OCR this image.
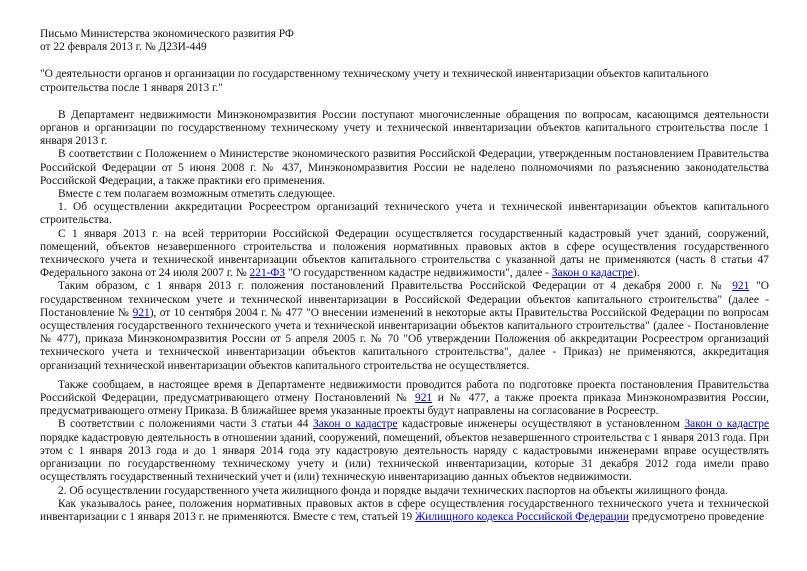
Письмо Министерства экономического развития РФ
от 22 февраля 2013 г. № Д23И-449
"О деятельности органов и организации по государственному техническому учету и технической инвентаризации объектов капитального строительства после 1 января 2013 г."

В Департамент недвижимости Минэкономразвития России поступают многочисленные обращения по вопросам, касающимся деятельности органов и организации по государственному техническому учету и технической инвентаризации объектов капитального строительства после 1 января 2013 г.

В соответствии с Положением о Министерстве экономического развития Российской Федерации, утвержденным постановлением Правительства Российской Федерации от 5 июня 2008 г. № 437, Минэкономразвития России не наделено полномочиями по разъяснению законодательства Российской Федерации, а также практики его применения.

Вместе с тем полагаем возможным отметить следующее.

1. Об осуществлении аккредитации Росреестром организаций технического учета и технической инвентаризации объектов капитального строительства.

С 1 января 2013 г. на всей территории Российской Федерации осуществляется государственный кадастровый учет зданий, сооружений, помещений, объектов незавершенного строительства и положения нормативных правовых актов в сфере осуществления государственного технического учета и технической инвентаризации объектов капитального строительства с указанной даты не применяются (часть 8 статьи 47 Федерального закона от 24 июля 2007 г. № 221-ФЗ "О государственном кадастре недвижимости", далее - Закон о кадастре).

Таким образом, с 1 января 2013 г. положения постановлений Правительства Российской Федерации от 4 декабря 2000 г. № 921 "О государственном техническом учете и технической инвентаризации в Российской Федерации объектов капитального строительства" (далее - Постановление № 921), от 10 сентября 2004 г. № 477 "О внесении изменений в некоторые акты Правительства Российской Федерации по вопросам осуществления государственного технического учета и технической инвентаризации объектов капитального строительства" (далее - Постановление № 477), приказа Минэкономразвития России от 5 апреля 2005 г. № 70 "Об утверждении Положения об аккредитации Росреестром организаций технического учета и технической инвентаризации объектов капитального строительства", далее - Приказ) не применяются, аккредитация организаций технической инвентаризации объектов капитального строительства не осуществляется.

Также сообщаем, в настоящее время в Департаменте недвижимости проводится работа по подготовке проекта постановления Правительства Российской Федерации, предусматривающего отмену Постановлений № 921 и № 477, а также проекта приказа Минэкономразвития России, предусматривающего отмену Приказа. В ближайшее время указанные проекты будут направлены на согласование в Росреестр.

В соответствии с положениями части 3 статьи 44 Закон о кадастре кадастровые инженеры осуществляют в установленном Закон о кадастре порядке кадастровую деятельность в отношении зданий, сооружений, помещений, объектов незавершенного строительства с 1 января 2013 года. При этом с 1 января 2013 года и до 1 января 2014 года эту кадастровую деятельность наряду с кадастровыми инженерами вправе осуществлять организации по государственному техническому учету и (или) технической инвентаризации, которые 31 декабря 2012 года имели право осуществлять государственный технический учет и (или) техническую инвентаризацию данных объектов недвижимости.

2. Об осуществлении государственного учета жилищного фонда и порядке выдачи технических паспортов на объекты жилищного фонда.

Как указывалось ранее, положения нормативных правовых актов в сфере осуществления государственного технического учета и технической инвентаризации с 1 января 2013 г. не применяются. Вместе с тем, статьей 19 Жилищного кодекса Российской Федерации предусмотрено проведение
